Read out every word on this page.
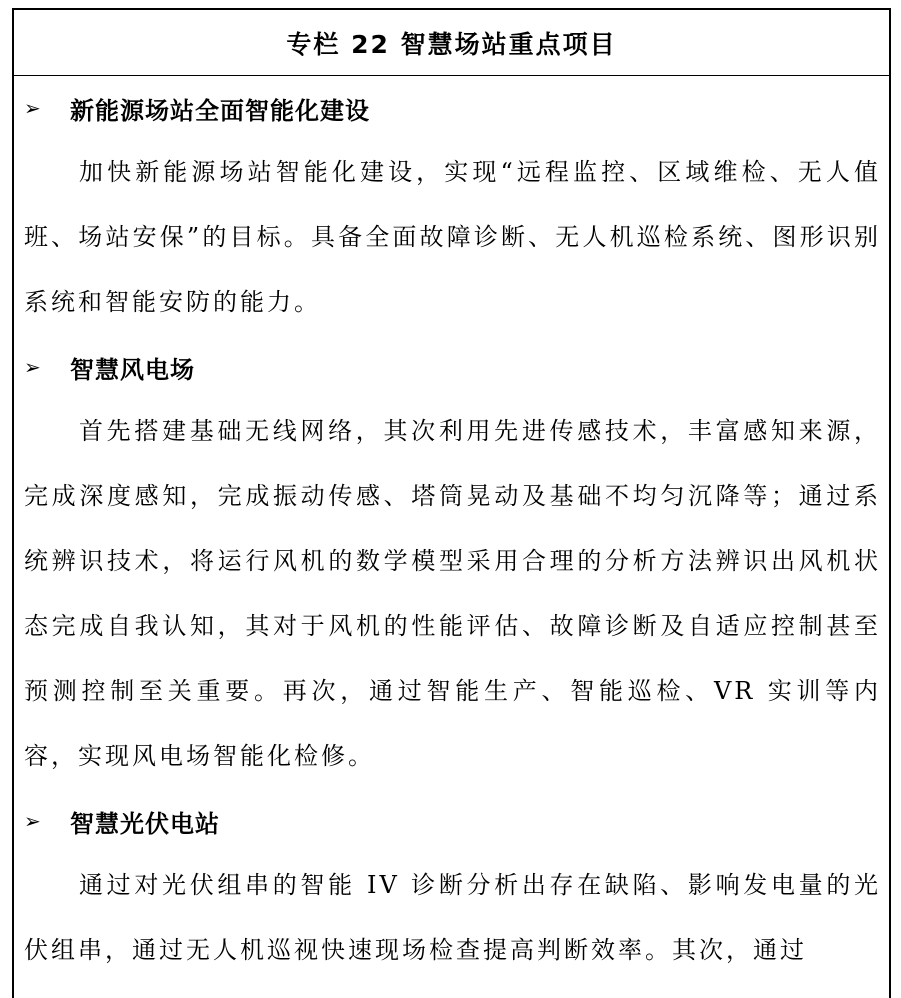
专栏 22 智慧场站重点项目
➢	新能源场站全面智能化建设

加快新能源场站智能化建设，实现“远程监控、区域维检、无人值班、场站安保”的目标。具备全面故障诊断、无人机巡检系统、图形识别系统和智能安防的能力。

➢	智慧风电场

首先搭建基础无线网络，其次利用先进传感技术，丰富感知来源，完成深度感知，完成振动传感、塔筒晃动及基础不均匀沉降等；通过系统辨识技术，将运行风机的数学模型采用合理的分析方法辨识出风机状态完成自我认知，其对于风机的性能评估、故障诊断及自适应控制甚至预测控制至关重要。再次，通过智能生产、智能巡检、VR 实训等内容，实现风电场智能化检修。

➢	智慧光伏电站

通过对光伏组串的智能 IV 诊断分析出存在缺陷、影响发电量的光伏组串，通过无人机巡视快速现场检查提高判断效率。其次，通过
